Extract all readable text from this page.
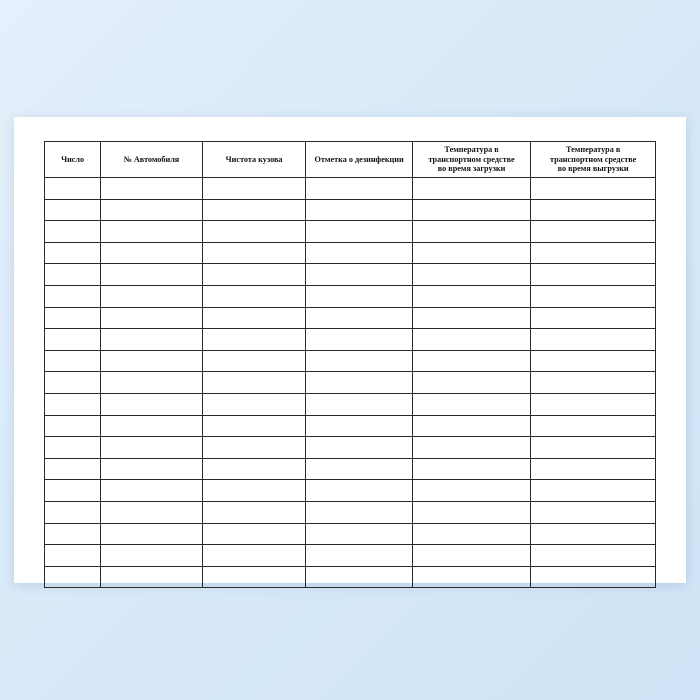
Число	№ Автомобиля	Чистота кузова	Отметка о дезинфекции	Температура в
транспортном средстве
во время загрузки	Температура в
транспортном средстве
во время выгрузки
